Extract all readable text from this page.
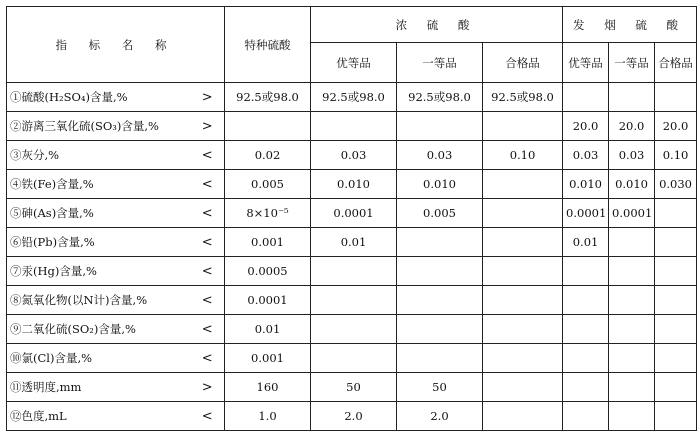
指 标 名 称		特种硫酸	浓 硫 酸			发 烟 硫 酸		
			优等品	一等品	合格品	优等品	一等品	合格品
①硫酸(H₂SO₄)含量,%	>	92.5或98.0	92.5或98.0	92.5或98.0	92.5或98.0			
②游离三氧化硫(SO₃)含量,%	>					20.0	20.0	20.0
③灰分,%	<	0.02	0.03	0.03	0.10	0.03	0.03	0.10
④铁(Fe)含量,%	<	0.005	0.010	0.010		0.010	0.010	0.030
⑤砷(As)含量,%	<	8×10⁻⁵	0.0001	0.005		0.0001	0.0001	
⑥铅(Pb)含量,%	<	0.001	0.01			0.01		
⑦汞(Hg)含量,%	<	0.0005						
⑧氮氧化物(以N计)含量,%	<	0.0001						
⑨二氧化硫(SO₂)含量,%	<	0.01						
⑩氯(Cl)含量,%	<	0.001						
⑪透明度,mm	>	160	50	50				
⑫色度,mL	<	1.0	2.0	2.0				
